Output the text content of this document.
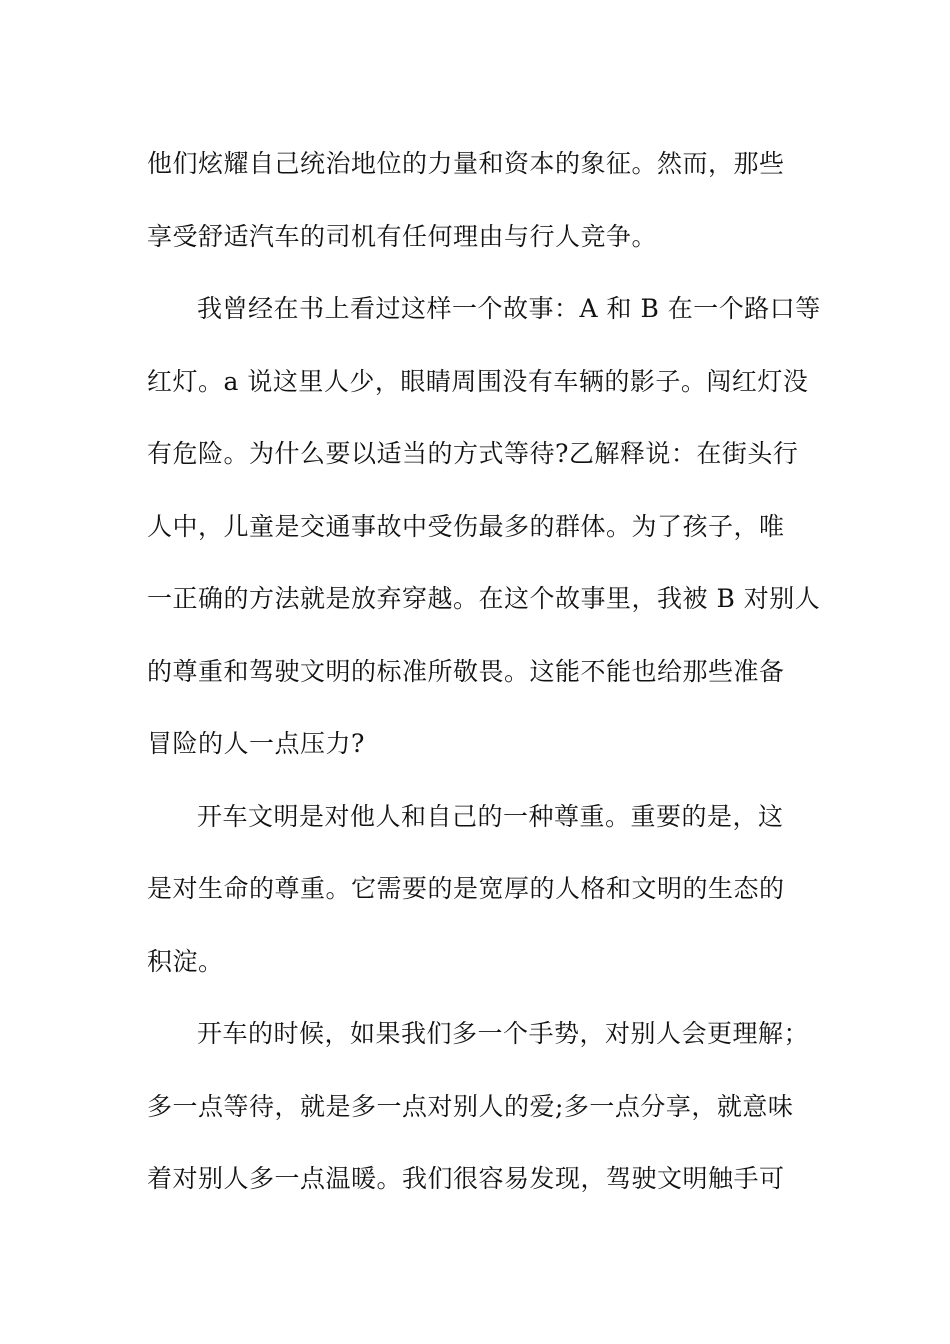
他们炫耀自己统治地位的力量和资本的象征。然而，那些
享受舒适汽车的司机有任何理由与行人竞争。
我曾经在书上看过这样一个故事：A 和 B 在一个路口等
红灯。a 说这里人少，眼睛周围没有车辆的影子。闯红灯没
有危险。为什么要以适当的方式等待?乙解释说：在街头行
人中，儿童是交通事故中受伤最多的群体。为了孩子，唯
一正确的方法就是放弃穿越。在这个故事里，我被 B 对别人
的尊重和驾驶文明的标准所敬畏。这能不能也给那些准备
冒险的人一点压力?
开车文明是对他人和自己的一种尊重。重要的是，这
是对生命的尊重。它需要的是宽厚的人格和文明的生态的
积淀。
开车的时候，如果我们多一个手势，对别人会更理解；
多一点等待，就是多一点对别人的爱;多一点分享，就意味
着对别人多一点温暖。我们很容易发现，驾驶文明触手可
